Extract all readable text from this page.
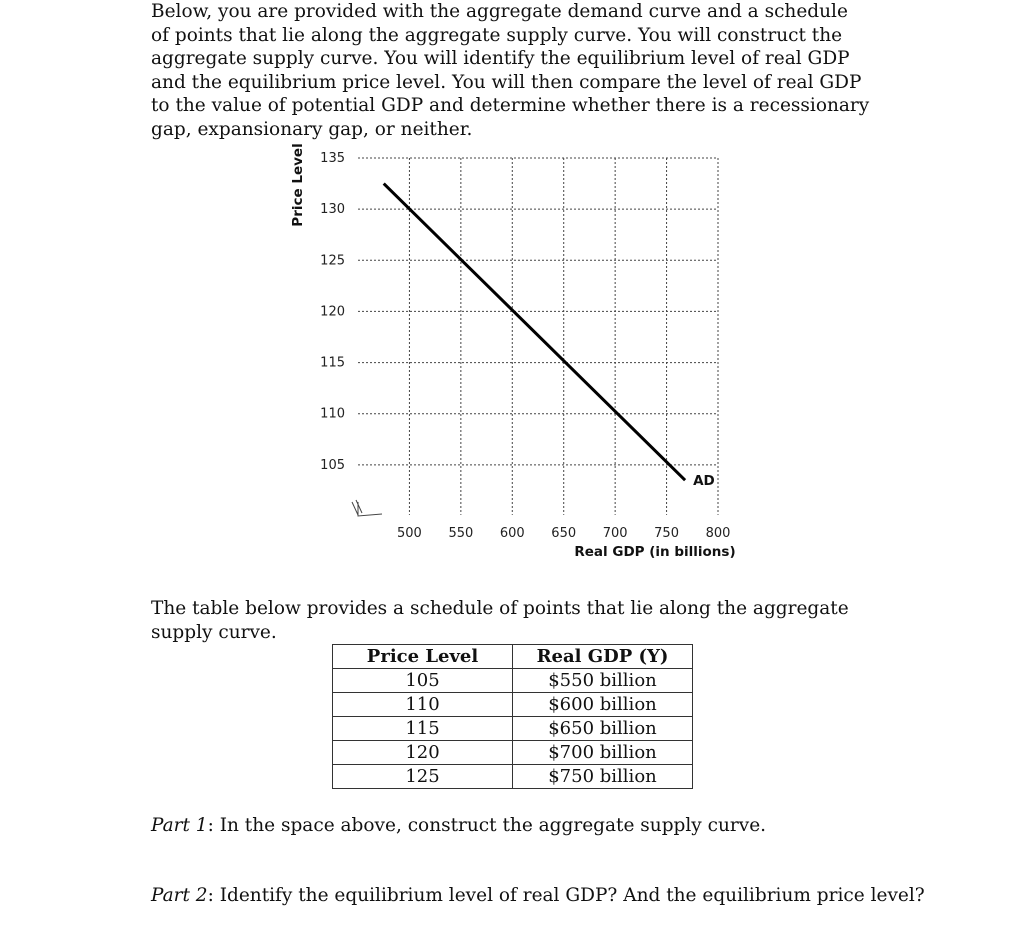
Below, you are provided with the aggregate demand curve and a schedule of points that lie along the aggregate supply curve. You will construct the aggregate supply curve. You will identify the equilibrium level of real GDP and the equilibrium price level. You will then compare the level of real GDP to the value of potential GDP and determine whether there is a recessionary gap, expansionary gap, or neither.
135
130
125
120
115
110
105
500 550 600 650 700 750 800
AD
Price Level
Real GDP (in billions)
The table below provides a schedule of points that lie along the aggregate supply curve.
Price Level	Real GDP (Y)
105	$550 billion
110	$600 billion
115	$650 billion
120	$700 billion
125	$750 billion
Part 1: In the space above, construct the aggregate supply curve.
Part 2: Identify the equilibrium level of real GDP? And the equilibrium price level?
